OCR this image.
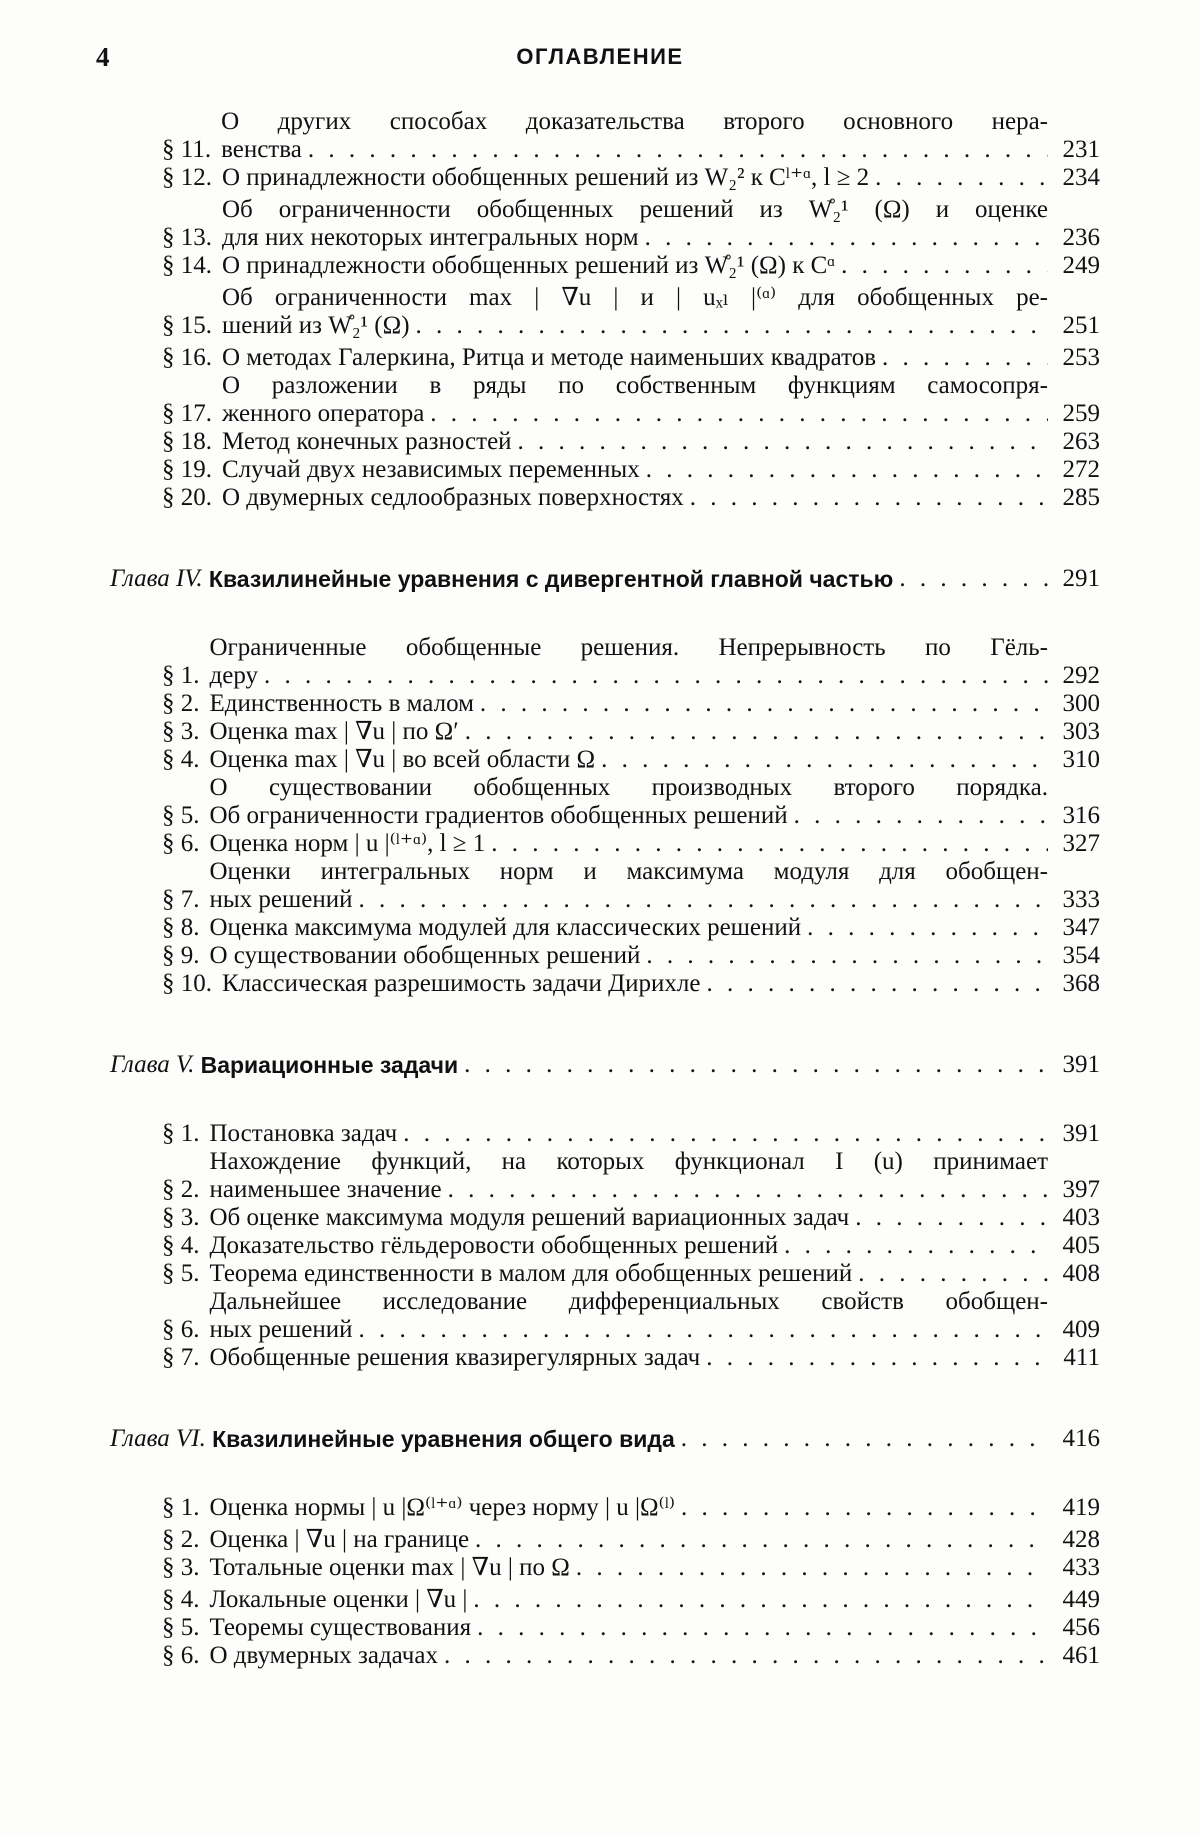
4	ОГЛАВЛЕНИЕ
§ 11.
О других способах доказательства второго основного нера-
венства . . .	231
§ 12. О принадлежности обобщенных решений из W₂² к Cˡ⁺ᵅ, l ≥ 2 . . .	234
§ 13.
Об ограниченности обобщенных решений из W̊₂¹ (Ω) и оценке
для них некоторых интегральных норм . . .	236
§ 14. О принадлежности обобщенных решений из W̊₂¹ (Ω) к Cᵅ . . .	249
§ 15.
Об ограниченности max | ∇u | и | uₓₗ |⁽ᵅ⁾ для обобщенных ре-
шений из W̊₂¹ (Ω) . . .	251
§ 16. О методах Галеркина, Ритца и методе наименьших квадратов . . .	253
§ 17.
О разложении в ряды по собственным функциям самосопря-
женного оператора . . .	259
§ 18. Метод конечных разностей . . .	263
§ 19. Случай двух независимых переменных . . .	272
§ 20. О двумерных седлообразных поверхностях . . .	285
Глава IV. Квазилинейные уравнения с дивергентной главной частью . . .	291
§ 1.
Ограниченные обобщенные решения. Непрерывность по Гёль-
деру . . .	292
§ 2. Единственность в малом . . .	300
§ 3. Оценка max | ∇u | по Ω′ . . .	303
§ 4. Оценка max | ∇u | во всей области Ω . . .	310
§ 5.
О существовании обобщенных производных второго порядка.
Об ограниченности градиентов обобщенных решений . . .	316
§ 6. Оценка норм | u |⁽ˡ⁺ᵅ⁾, l ≥ 1 . . .	327
§ 7.
Оценки интегральных норм и максимума модуля для обобщен-
ных решений . . .	333
§ 8. Оценка максимума модулей для классических решений . . .	347
§ 9. О существовании обобщенных решений . . .	354
§ 10. Классическая разрешимость задачи Дирихле . . .	368
Глава V. Вариационные задачи . . .	391
§ 1. Постановка задач . . .	391
§ 2.
Нахождение функций, на которых функционал I (u) принимает
наименьшее значение . . .	397
§ 3. Об оценке максимума модуля решений вариационных задач . . .	403
§ 4. Доказательство гёльдеровости обобщенных решений . . .	405
§ 5. Теорема единственности в малом для обобщенных решений . . .	408
§ 6.
Дальнейшее исследование дифференциальных свойств обобщен-
ных решений . . .	409
§ 7. Обобщенные решения квазирегулярных задач . . .	411
Глава VI. Квазилинейные уравнения общего вида . . .	416
§ 1. Оценка нормы | u |Ω⁽ˡ⁺ᵅ⁾ через норму | u |Ω⁽ˡ⁾ . . .	419
§ 2. Оценка | ∇u | на границе . . .	428
§ 3. Тотальные оценки max | ∇u | по Ω . . .	433
§ 4. Локальные оценки | ∇u | . . .	449
§ 5. Теоремы существования . . .	456
§ 6. О двумерных задачах . . .	461
